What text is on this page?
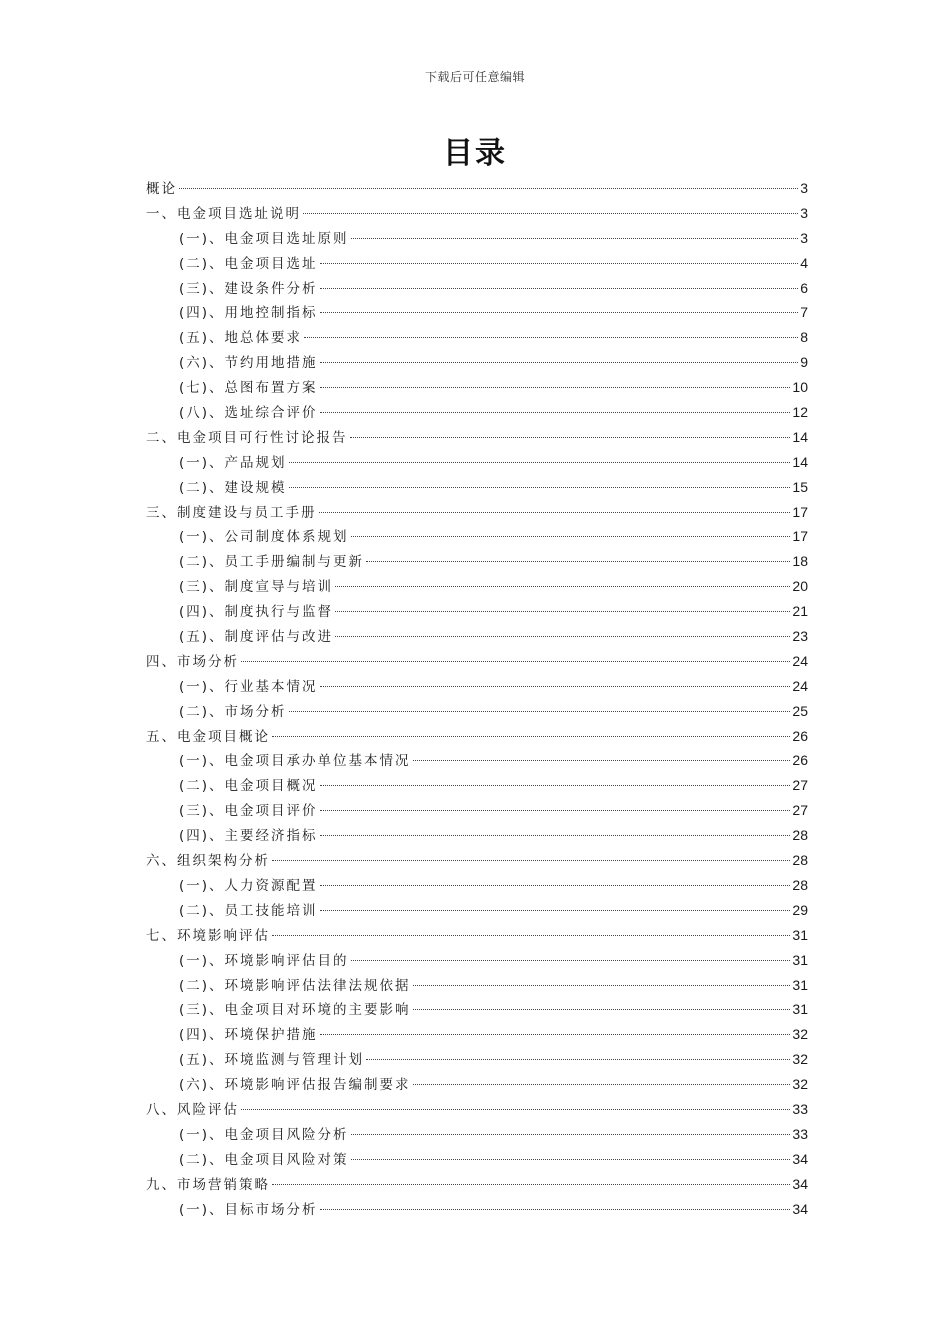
下载后可任意编辑
目录
概论	3
一、电金项目选址说明	3
(一)、电金项目选址原则	3
(二)、电金项目选址	4
(三)、建设条件分析	6
(四)、用地控制指标	7
(五)、地总体要求	8
(六)、节约用地措施	9
(七)、总图布置方案	10
(八)、选址综合评价	12
二、电金项目可行性讨论报告	14
(一)、产品规划	14
(二)、建设规模	15
三、制度建设与员工手册	17
(一)、公司制度体系规划	17
(二)、员工手册编制与更新	18
(三)、制度宣导与培训	20
(四)、制度执行与监督	21
(五)、制度评估与改进	23
四、市场分析	24
(一)、行业基本情况	24
(二)、市场分析	25
五、电金项目概论	26
(一)、电金项目承办单位基本情况	26
(二)、电金项目概况	27
(三)、电金项目评价	27
(四)、主要经济指标	28
六、组织架构分析	28
(一)、人力资源配置	28
(二)、员工技能培训	29
七、环境影响评估	31
(一)、环境影响评估目的	31
(二)、环境影响评估法律法规依据	31
(三)、电金项目对环境的主要影响	31
(四)、环境保护措施	32
(五)、环境监测与管理计划	32
(六)、环境影响评估报告编制要求	32
八、风险评估	33
(一)、电金项目风险分析	33
(二)、电金项目风险对策	34
九、市场营销策略	34
(一)、目标市场分析	34
